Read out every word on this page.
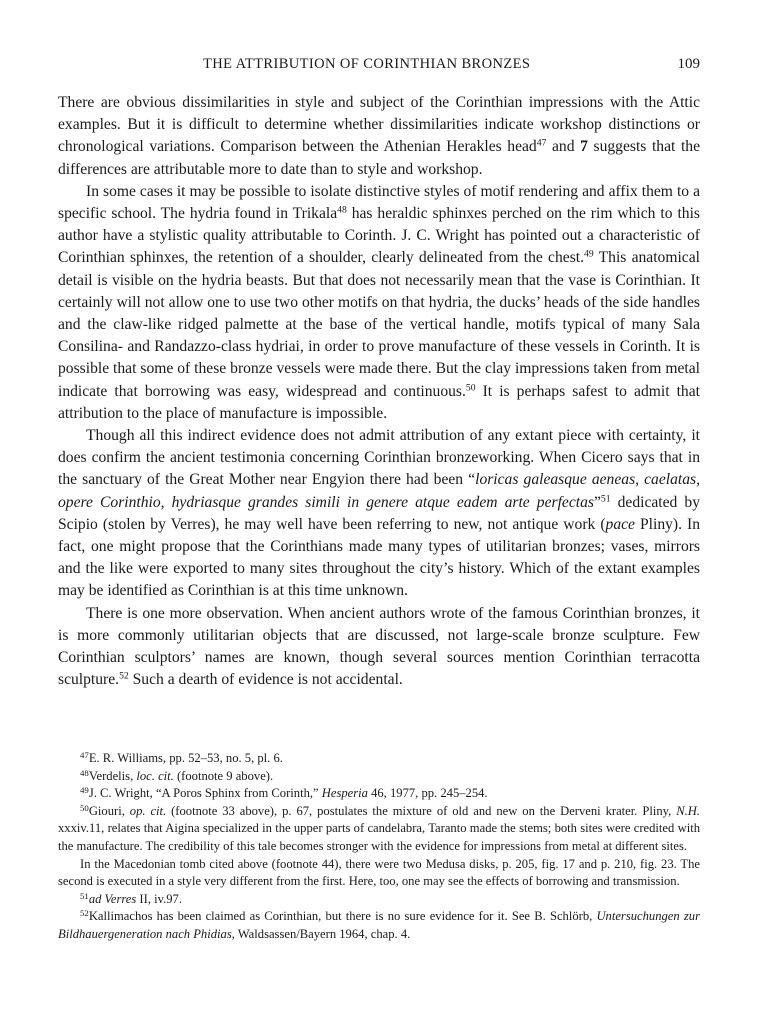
THE ATTRIBUTION OF CORINTHIAN BRONZES	109

There are obvious dissimilarities in style and subject of the Corinthian impressions with the Attic examples. But it is difficult to determine whether dissimilarities indicate workshop distinctions or chronological variations. Comparison between the Athenian Herakles head$^{47}$ and 7 suggests that the differences are attributable more to date than to style and workshop.

In some cases it may be possible to isolate distinctive styles of motif rendering and affix them to a specific school. The hydria found in Trikala$^{48}$ has heraldic sphinxes perched on the rim which to this author have a stylistic quality attributable to Corinth. J. C. Wright has pointed out a characteristic of Corinthian sphinxes, the retention of a shoulder, clearly delineated from the chest.$^{49}$ This anatomical detail is visible on the hydria beasts. But that does not necessarily mean that the vase is Corinthian. It certainly will not allow one to use two other motifs on that hydria, the ducks’ heads of the side handles and the claw-like ridged palmette at the base of the vertical handle, motifs typical of many Sala Consilina- and Randazzo-class hydriai, in order to prove manufacture of these vessels in Corinth. It is possible that some of these bronze vessels were made there. But the clay impressions taken from metal indicate that borrowing was easy, widespread and continuous.$^{50}$ It is perhaps safest to admit that attribution to the place of manufacture is impossible.

Though all this indirect evidence does not admit attribution of any extant piece with certainty, it does confirm the ancient testimonia concerning Corinthian bronzeworking. When Cicero says that in the sanctuary of the Great Mother near Engyion there had been “loricas galeasque aeneas, caelatas, opere Corinthio, hydriasque grandes simili in genere atque eadem arte perfectas”$^{51}$ dedicated by Scipio (stolen by Verres), he may well have been referring to new, not antique work (pace Pliny). In fact, one might propose that the Corinthians made many types of utilitarian bronzes; vases, mirrors and the like were exported to many sites throughout the city’s history. Which of the extant examples may be identified as Corinthian is at this time unknown.

There is one more observation. When ancient authors wrote of the famous Corinthian bronzes, it is more commonly utilitarian objects that are discussed, not large-scale bronze sculpture. Few Corinthian sculptors’ names are known, though several sources mention Corinthian terracotta sculpture.$^{52}$ Such a dearth of evidence is not accidental.

$^{47}$E. R. Williams, pp. 52–53, no. 5, pl. 6.

$^{48}$Verdelis, loc. cit. (footnote 9 above).

$^{49}$J. C. Wright, “A Poros Sphinx from Corinth,” Hesperia 46, 1977, pp. 245–254.

$^{50}$Giouri, op. cit. (footnote 33 above), p. 67, postulates the mixture of old and new on the Derveni krater. Pliny, N.H. xxxiv.11, relates that Aigina specialized in the upper parts of candelabra, Taranto made the stems; both sites were credited with the manufacture. The credibility of this tale becomes stronger with the evidence for impressions from metal at different sites.

In the Macedonian tomb cited above (footnote 44), there were two Medusa disks, p. 205, fig. 17 and p. 210, fig. 23. The second is executed in a style very different from the first. Here, too, one may see the effects of borrowing and transmission.

$^{51}$ad Verres II, iv.97.

$^{52}$Kallimachos has been claimed as Corinthian, but there is no sure evidence for it. See B. Schlörb, Untersuchungen zur Bildhauergeneration nach Phidias, Waldsassen/Bayern 1964, chap. 4.
